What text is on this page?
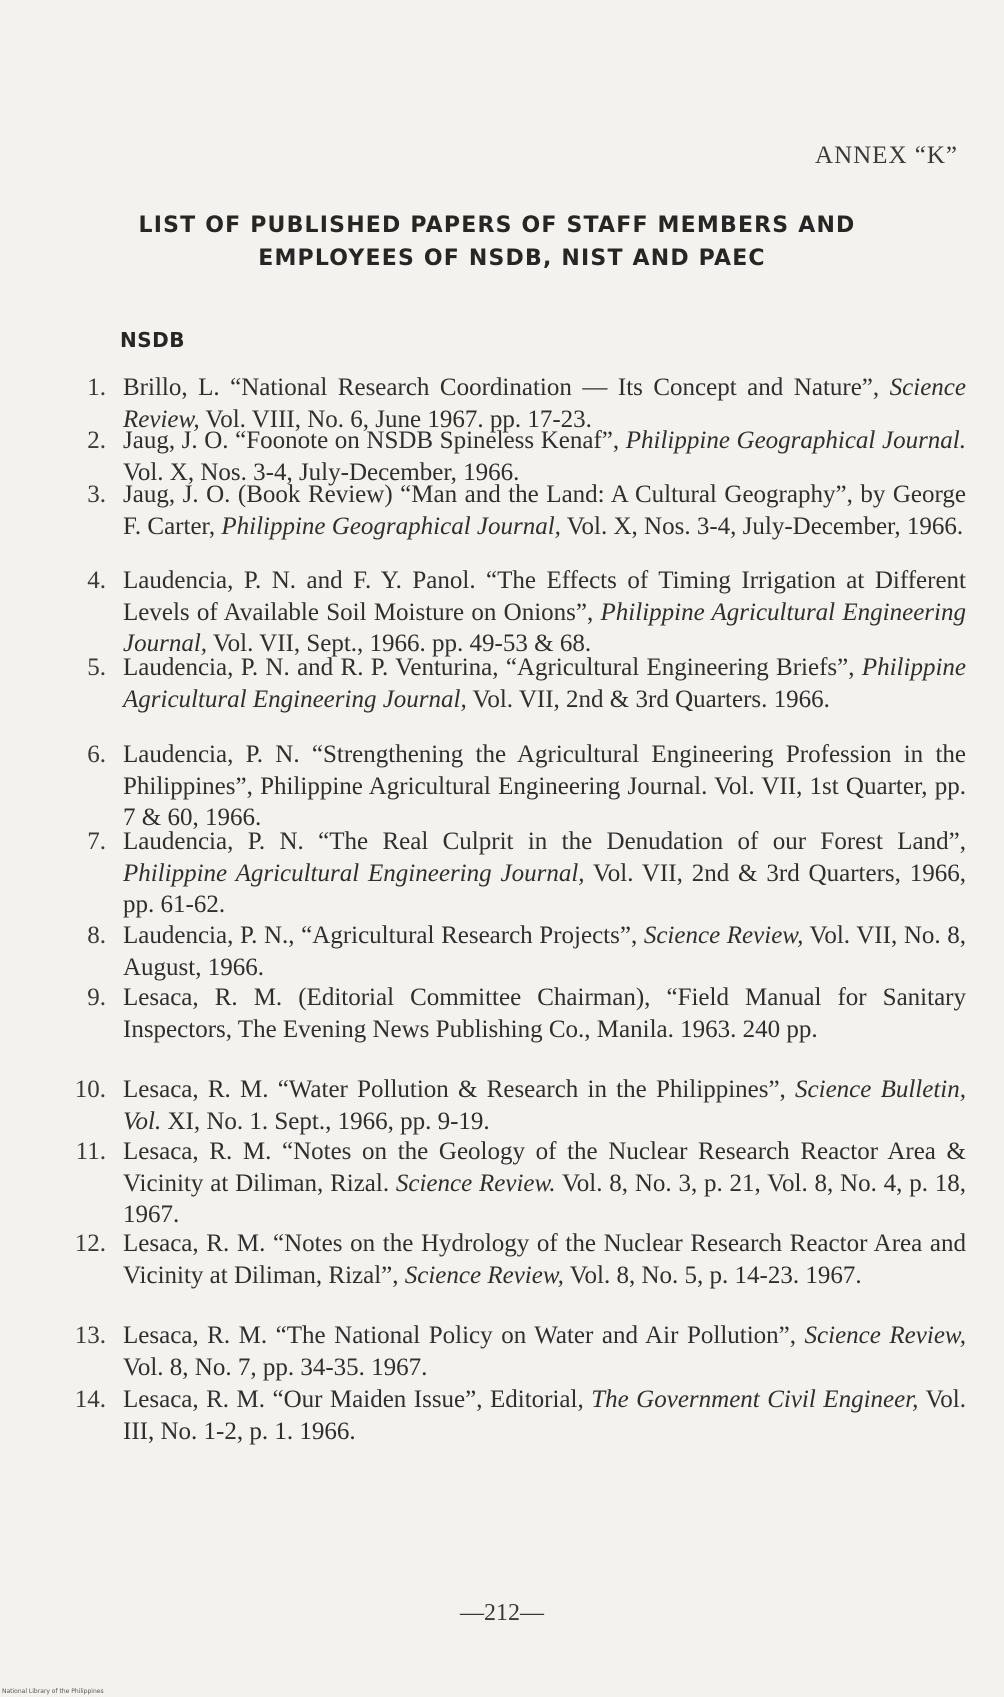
ANNEX “K”
LIST OF PUBLISHED PAPERS OF STAFF MEMBERS AND
EMPLOYEES OF NSDB, NIST AND PAEC
NSDB
1. Brillo, L. “National Research Coordination — Its Concept and Nature”, Science Review, Vol. VIII, No. 6, June 1967. pp. 17-23.
2. Jaug, J. O. “Foonote on NSDB Spineless Kenaf”, Philippine Geographical Journal. Vol. X, Nos. 3-4, July-December, 1966.
3. Jaug, J. O. (Book Review) “Man and the Land: A Cultural Geography”, by George F. Carter, Philippine Geographical Journal, Vol. X, Nos. 3-4, July-December, 1966.
4. Laudencia, P. N. and F. Y. Panol. “The Effects of Timing Irrigation at Different Levels of Available Soil Moisture on Onions”, Philippine Agricultural Engineering Journal, Vol. VII, Sept., 1966. pp. 49-53 & 68.
5. Laudencia, P. N. and R. P. Venturina, “Agricultural Engineering Briefs”, Philippine Agricultural Engineering Journal, Vol. VII, 2nd & 3rd Quarters. 1966.
6. Laudencia, P. N. “Strengthening the Agricultural Engineering Profession in the Philippines”, Philippine Agricultural Engineering Journal. Vol. VII, 1st Quarter, pp. 7 & 60, 1966.
7. Laudencia, P. N. “The Real Culprit in the Denudation of our Forest Land”, Philippine Agricultural Engineering Journal, Vol. VII, 2nd & 3rd Quarters, 1966, pp. 61-62.
8. Laudencia, P. N., “Agricultural Research Projects”, Science Review, Vol. VII, No. 8, August, 1966.
9. Lesaca, R. M. (Editorial Committee Chairman), “Field Manual for Sanitary Inspectors, The Evening News Publishing Co., Manila. 1963. 240 pp.
10. Lesaca, R. M. “Water Pollution & Research in the Philippines”, Science Bulletin, Vol. XI, No. 1. Sept., 1966, pp. 9-19.
11. Lesaca, R. M. “Notes on the Geology of the Nuclear Research Reactor Area & Vicinity at Diliman, Rizal. Science Review. Vol. 8, No. 3, p. 21, Vol. 8, No. 4, p. 18, 1967.
12. Lesaca, R. M. “Notes on the Hydrology of the Nuclear Research Reactor Area and Vicinity at Diliman, Rizal”, Science Review, Vol. 8, No. 5, p. 14-23. 1967.
13. Lesaca, R. M. “The National Policy on Water and Air Pollution”, Science Review, Vol. 8, No. 7, pp. 34-35. 1967.
14. Lesaca, R. M. “Our Maiden Issue”, Editorial, The Government Civil Engineer, Vol. III, No. 1-2, p. 1. 1966.
—212—
National Library of the Philippines
